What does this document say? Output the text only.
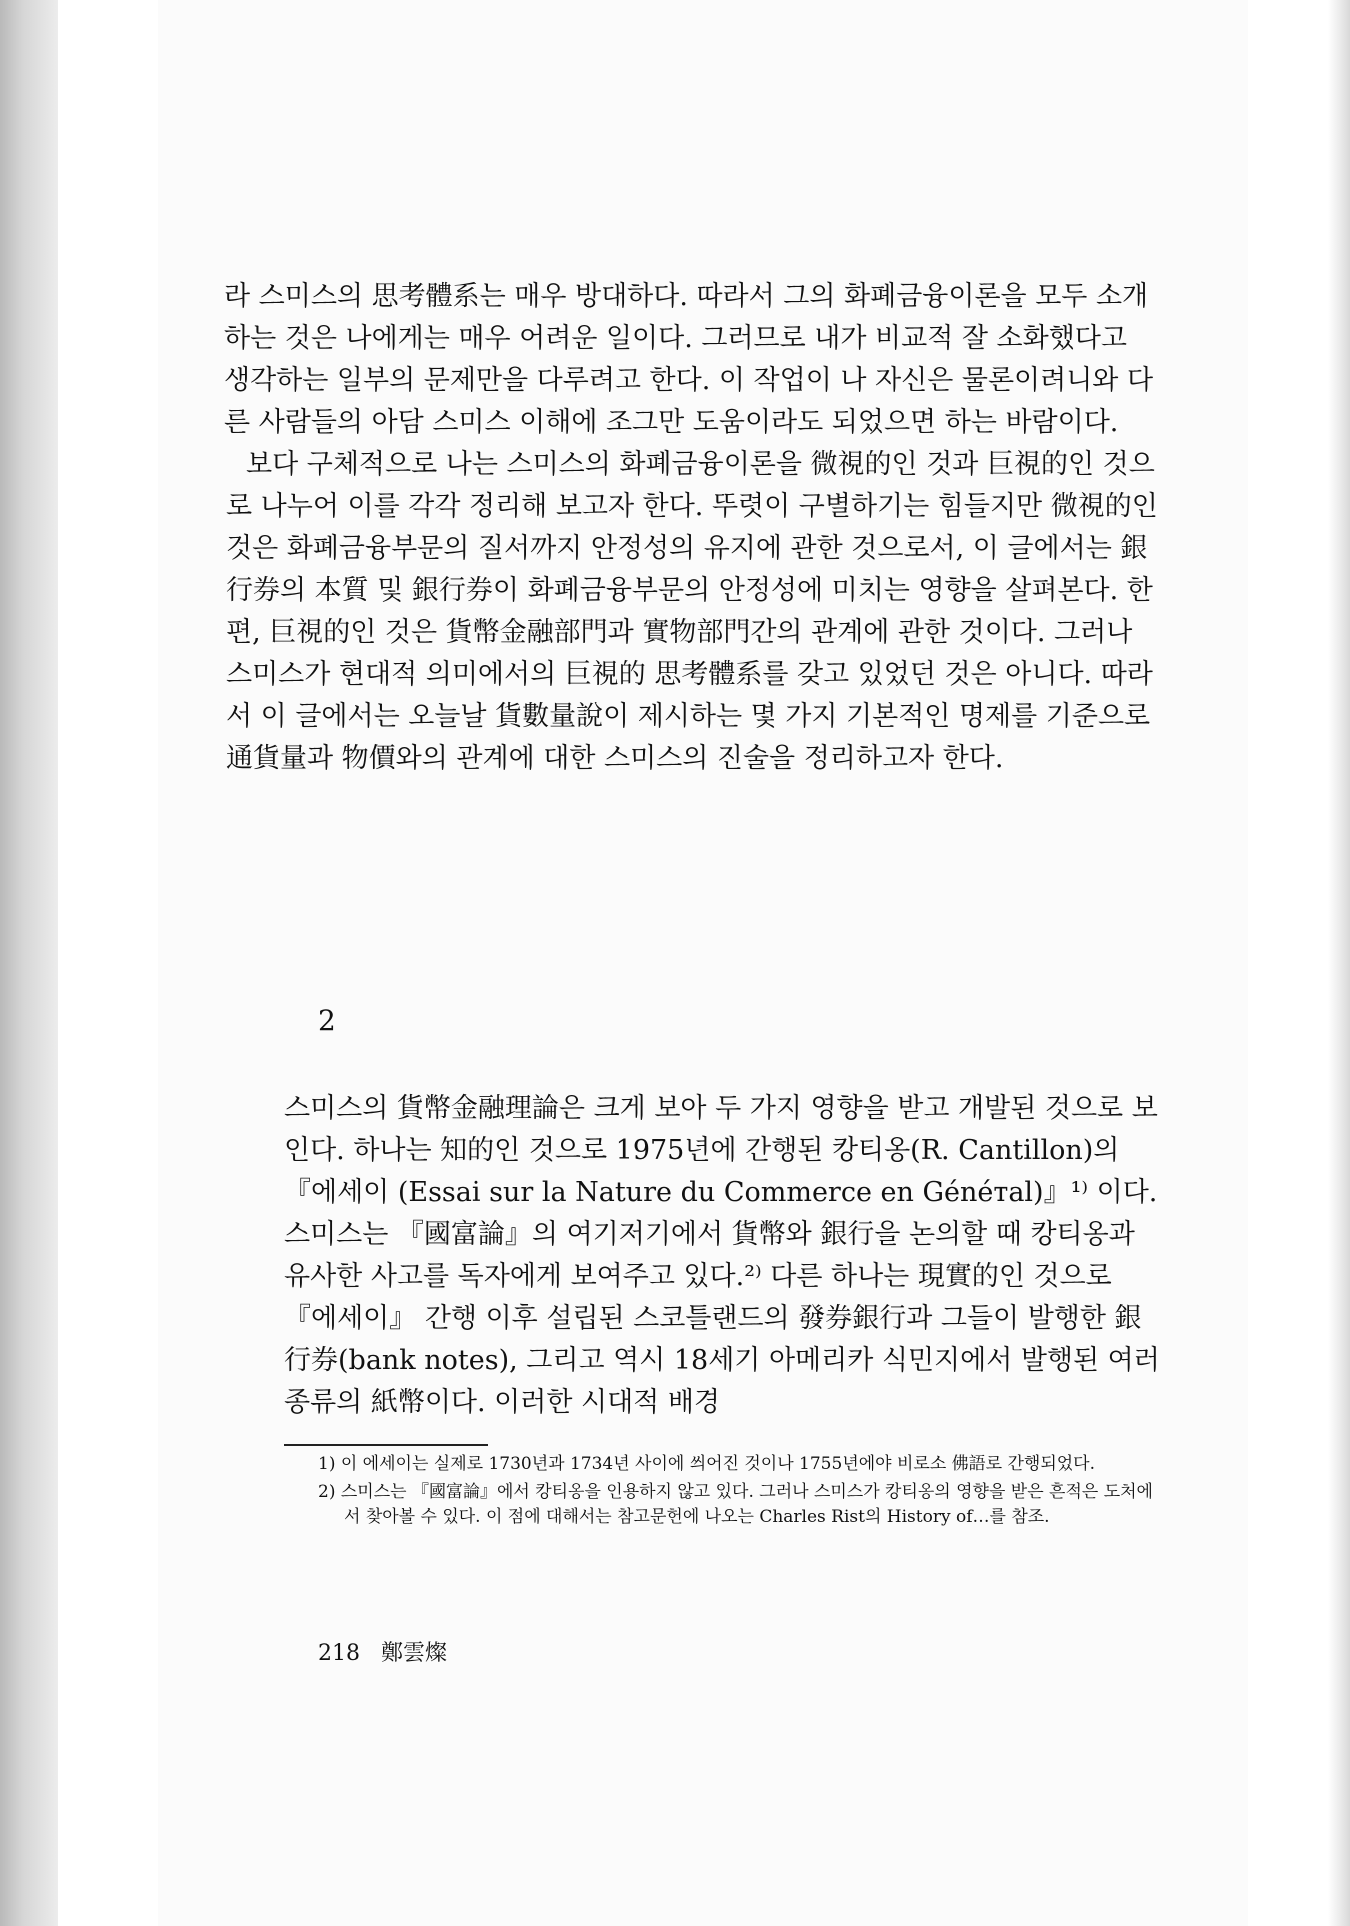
라 스미스의 思考體系는 매우 방대하다. 따라서 그의 화폐금융이론을 모두 소개하는 것은 나에게는 매우 어려운 일이다. 그러므로 내가 비교적 잘 소화했다고 생각하는 일부의 문제만을 다루려고 한다. 이 작업이 나 자신은 물론이려니와 다른 사람들의 아담 스미스 이해에 조그만 도움이라도 되었으면 하는 바람이다.

보다 구체적으로 나는 스미스의 화폐금융이론을 微視的인 것과 巨視的인 것으로 나누어 이를 각각 정리해 보고자 한다. 뚜렷이 구별하기는 힘들지만 微視的인 것은 화폐금융부문의 질서까지 안정성의 유지에 관한 것으로서, 이 글에서는 銀行券의 本質 및 銀行券이 화폐금융부문의 안정성에 미치는 영향을 살펴본다. 한편, 巨視的인 것은 貨幣金融部門과 實物部門간의 관계에 관한 것이다. 그러나 스미스가 현대적 의미에서의 巨視的 思考體系를 갖고 있었던 것은 아니다. 따라서 이 글에서는 오늘날 貨數量說이 제시하는 몇 가지 기본적인 명제를 기준으로 通貨量과 物價와의 관계에 대한 스미스의 진술을 정리하고자 한다.

2

스미스의 貨幣金融理論은 크게 보아 두 가지 영향을 받고 개발된 것으로 보인다. 하나는 知的인 것으로 1975년에 간행된 캉티옹(R. Cantillon)의 『에세이 (Essai sur la Nature du Commerce en Généтal)』¹⁾ 이다. 스미스는 『國富論』의 여기저기에서 貨幣와 銀行을 논의할 때 캉티옹과 유사한 사고를 독자에게 보여주고 있다.²⁾ 다른 하나는 現實的인 것으로 『에세이』 간행 이후 설립된 스코틀랜드의 發券銀行과 그들이 발행한 銀行券(bank notes), 그리고 역시 18세기 아메리카 식민지에서 발행된 여러 종류의 紙幣이다. 이러한 시대적 배경

1) 이 에세이는 실제로 1730년과 1734년 사이에 씌어진 것이나 1755년에야 비로소 佛語로 간행되었다.

2) 스미스는 『國富論』에서 캉티옹을 인용하지 않고 있다. 그러나 스미스가 캉티옹의 영향을 받은 흔적은 도처에서 찾아볼 수 있다. 이 점에 대해서는 참고문헌에 나오는 Charles Rist의 History of…를 참조.

218 鄭雲燦
